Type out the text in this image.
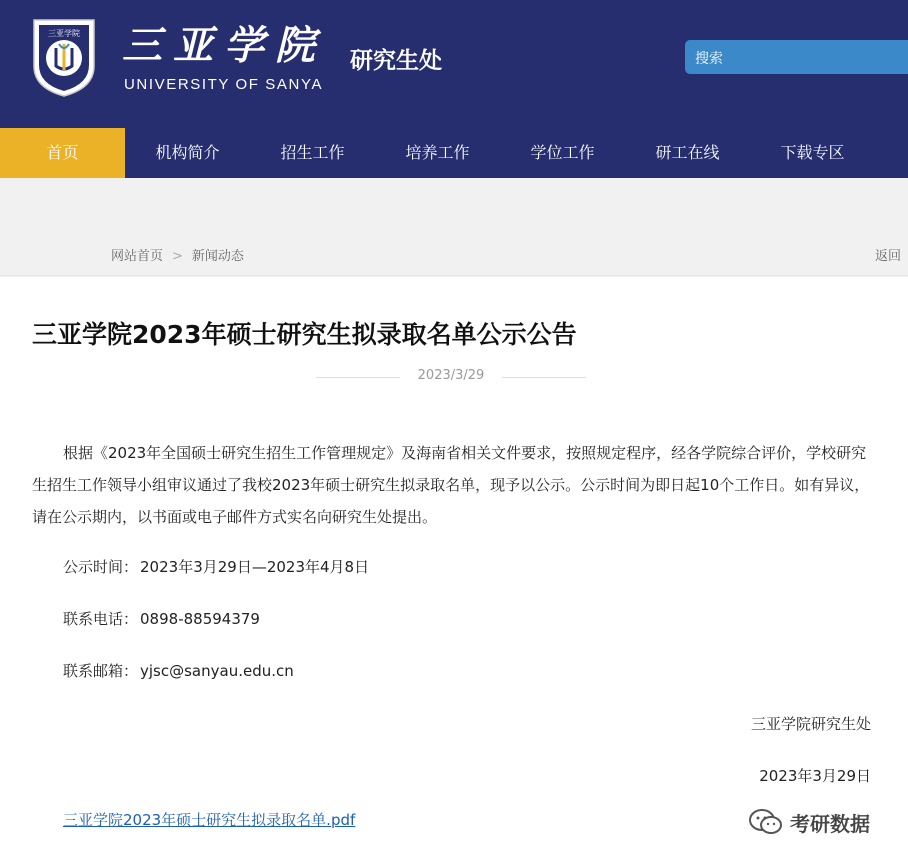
三亚学院 三亚学院
UNIVERSITY OF SANYA
研究生处	搜索
首页	机构简介	招生工作	培养工作	学位工作	研工在线	下载专区
网站首页 > 新闻动态	返回
三亚学院2023年硕士研究生拟录取名单公示公告
2023/3/29

根据《2023年全国硕士研究生招生工作管理规定》及海南省相关文件要求，按照规定程序，经各学院综合评价，学校研究生招生工作领导小组审议通过了我校2023年硕士研究生拟录取名单，现予以公示。公示时间为即日起10个工作日。如有异议，请在公示期内，以书面或电子邮件方式实名向研究生处提出。

公示时间： 2023年3月29日—2023年4月8日
联系电话： 0898-88594379
联系邮箱： yjsc@sanyau.edu.cn
三亚学院研究生处
2023年3月29日
三亚学院2023年硕士研究生拟录取名单.pdf	考研数据
